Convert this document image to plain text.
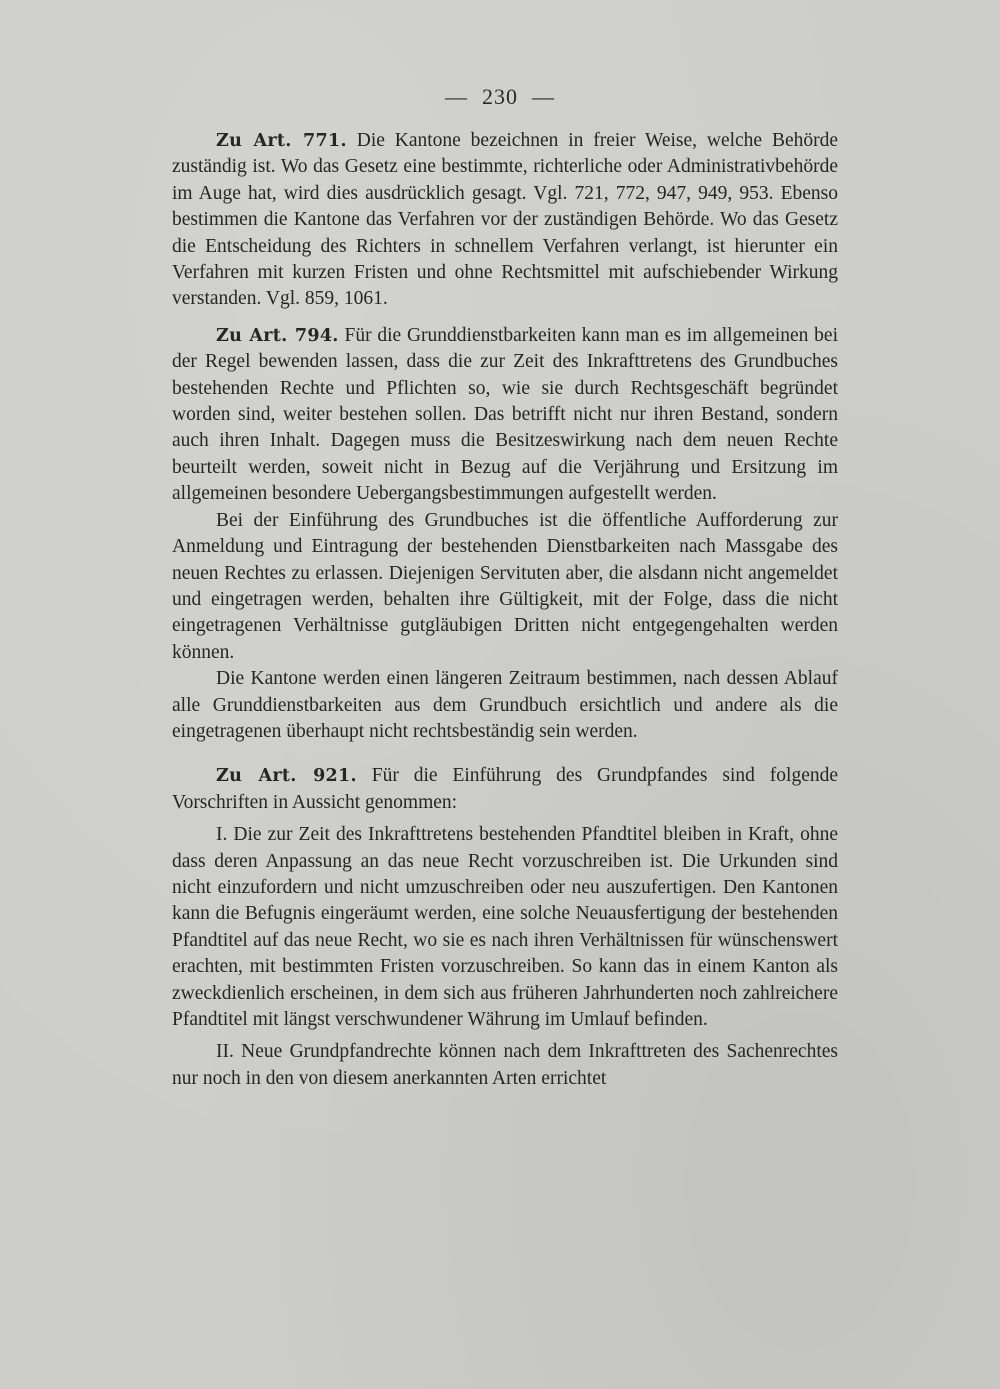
— 230 —

Zu Art. 771. Die Kantone bezeichnen in freier Weise, welche Behörde zuständig ist. Wo das Gesetz eine bestimmte, richterliche oder Administrativbehörde im Auge hat, wird dies ausdrücklich gesagt. Vgl. 721, 772, 947, 949, 953. Ebenso bestimmen die Kantone das Verfahren vor der zuständigen Behörde. Wo das Gesetz die Entscheidung des Richters in schnellem Verfahren verlangt, ist hierunter ein Verfahren mit kurzen Fristen und ohne Rechtsmittel mit aufschiebender Wirkung verstanden. Vgl. 859, 1061.

Zu Art. 794. Für die Grunddienstbarkeiten kann man es im allgemeinen bei der Regel bewenden lassen, dass die zur Zeit des Inkrafttretens des Grundbuches bestehenden Rechte und Pflichten so, wie sie durch Rechtsgeschäft begründet worden sind, weiter bestehen sollen. Das betrifft nicht nur ihren Bestand, sondern auch ihren Inhalt. Dagegen muss die Besitzeswirkung nach dem neuen Rechte beurteilt werden, soweit nicht in Bezug auf die Verjährung und Ersitzung im allgemeinen besondere Uebergangsbestimmungen aufgestellt werden.

Bei der Einführung des Grundbuches ist die öffentliche Aufforderung zur Anmeldung und Eintragung der bestehenden Dienstbarkeiten nach Massgabe des neuen Rechtes zu erlassen. Diejenigen Servituten aber, die alsdann nicht angemeldet und eingetragen werden, behalten ihre Gültigkeit, mit der Folge, dass die nicht eingetragenen Verhältnisse gutgläubigen Dritten nicht entgegengehalten werden können.

Die Kantone werden einen längeren Zeitraum bestimmen, nach dessen Ablauf alle Grunddienstbarkeiten aus dem Grundbuch ersichtlich und andere als die eingetragenen überhaupt nicht rechtsbeständig sein werden.

Zu Art. 921. Für die Einführung des Grundpfandes sind folgende Vorschriften in Aussicht genommen:

I. Die zur Zeit des Inkrafttretens bestehenden Pfandtitel bleiben in Kraft, ohne dass deren Anpassung an das neue Recht vorzuschreiben ist. Die Urkunden sind nicht einzufordern und nicht umzuschreiben oder neu auszufertigen. Den Kantonen kann die Befugnis eingeräumt werden, eine solche Neuausfertigung der bestehenden Pfandtitel auf das neue Recht, wo sie es nach ihren Verhältnissen für wünschenswert erachten, mit bestimmten Fristen vorzuschreiben. So kann das in einem Kanton als zweckdienlich erscheinen, in dem sich aus früheren Jahrhunderten noch zahlreichere Pfandtitel mit längst verschwundener Währung im Umlauf befinden.

II. Neue Grundpfandrechte können nach dem Inkrafttreten des Sachenrechtes nur noch in den von diesem anerkannten Arten errichtet
